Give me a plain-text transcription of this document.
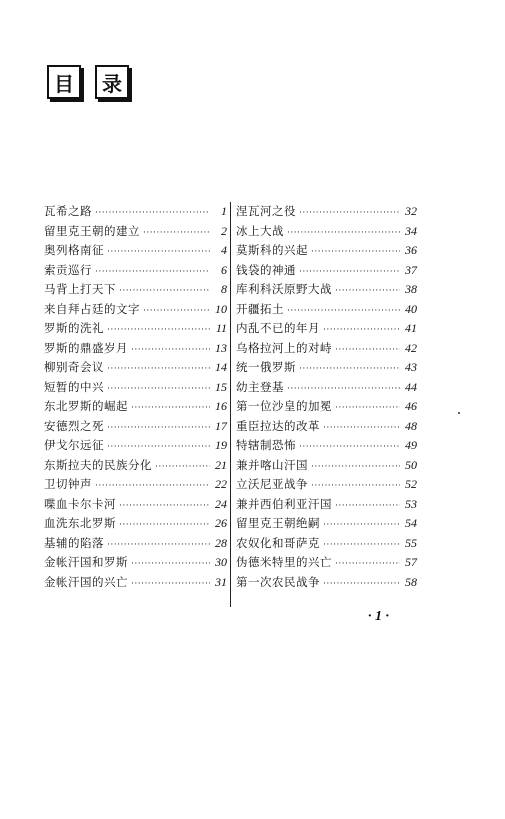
目 录
瓦希之路 ·····	1
留里克王朝的建立 ·····	2
奥列格南征 ·····	4
索贡巡行 ·····	6
马背上打天下 ·····	8
来自拜占廷的文字 ·····	10
罗斯的洗礼 ·····	11
罗斯的鼎盛岁月 ·····	13
柳别奇会议 ·····	14
短暂的中兴 ·····	15
东北罗斯的崛起 ·····	16
安德烈之死 ·····	17
伊戈尔远征 ·····	19
东斯拉夫的民族分化 ·····	21
卫切钟声 ·····	22
喋血卡尔卡河 ·····	24
血洗东北罗斯 ·····	26
基辅的陷落 ·····	28
金帐汗国和罗斯 ·····	30
金帐汗国的兴亡 ·····	31
涅瓦河之役 ·····	32
冰上大战 ·····	34
莫斯科的兴起 ·····	36
钱袋的神通 ·····	37
库利科沃原野大战 ·····	38
开疆拓土 ·····	40
内乱不已的年月 ·····	41
乌格拉河上的对峙 ·····	42
统一俄罗斯 ·····	43
幼主登基 ·····	44
第一位沙皇的加冕 ·····	46
重臣拉达的改革 ·····	48
特辖制恐怖 ·····	49
兼并喀山汗国 ·····	50
立沃尼亚战争 ·····	52
兼并西伯利亚汗国 ·····	53
留里克王朝绝嗣 ·····	54
农奴化和哥萨克 ·····	55
伪德米特里的兴亡 ·····	57
第一次农民战争 ·····	58
· 1 ·
